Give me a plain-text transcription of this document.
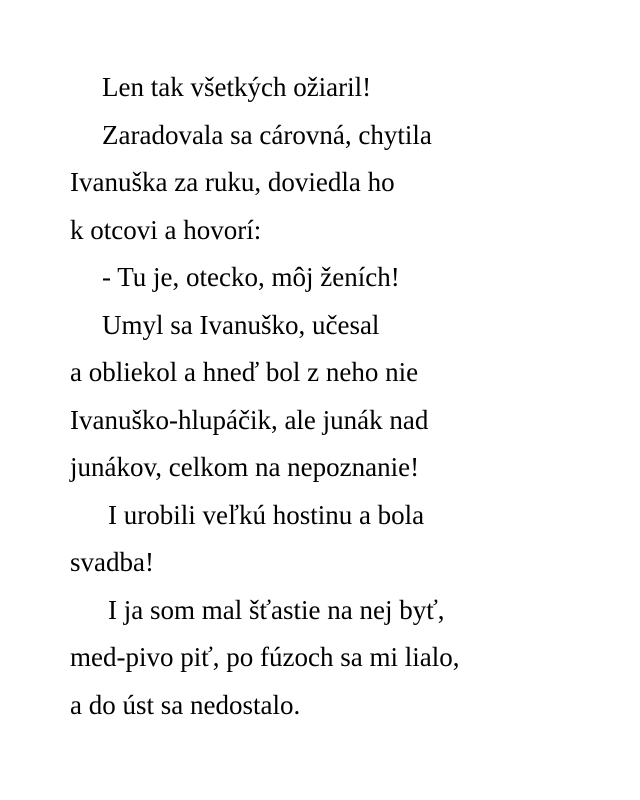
Len tak všetkých ožiaril!
Zaradovala sa cárovná, chytila
Ivanuška za ruku, doviedla ho
k otcovi a hovorí:
- Tu je, otecko, môj ženích!
Umyl sa Ivanuško, učesal
a obliekol a hneď bol z neho nie
Ivanuško-hlupáčik, ale junák nad
junákov, celkom na nepoznanie!
I urobili veľkú hostinu a bola
svadba!
I ja som mal šťastie na nej byť,
med-pivo piť, po fúzoch sa mi lialo,
a do úst sa nedostalo.
